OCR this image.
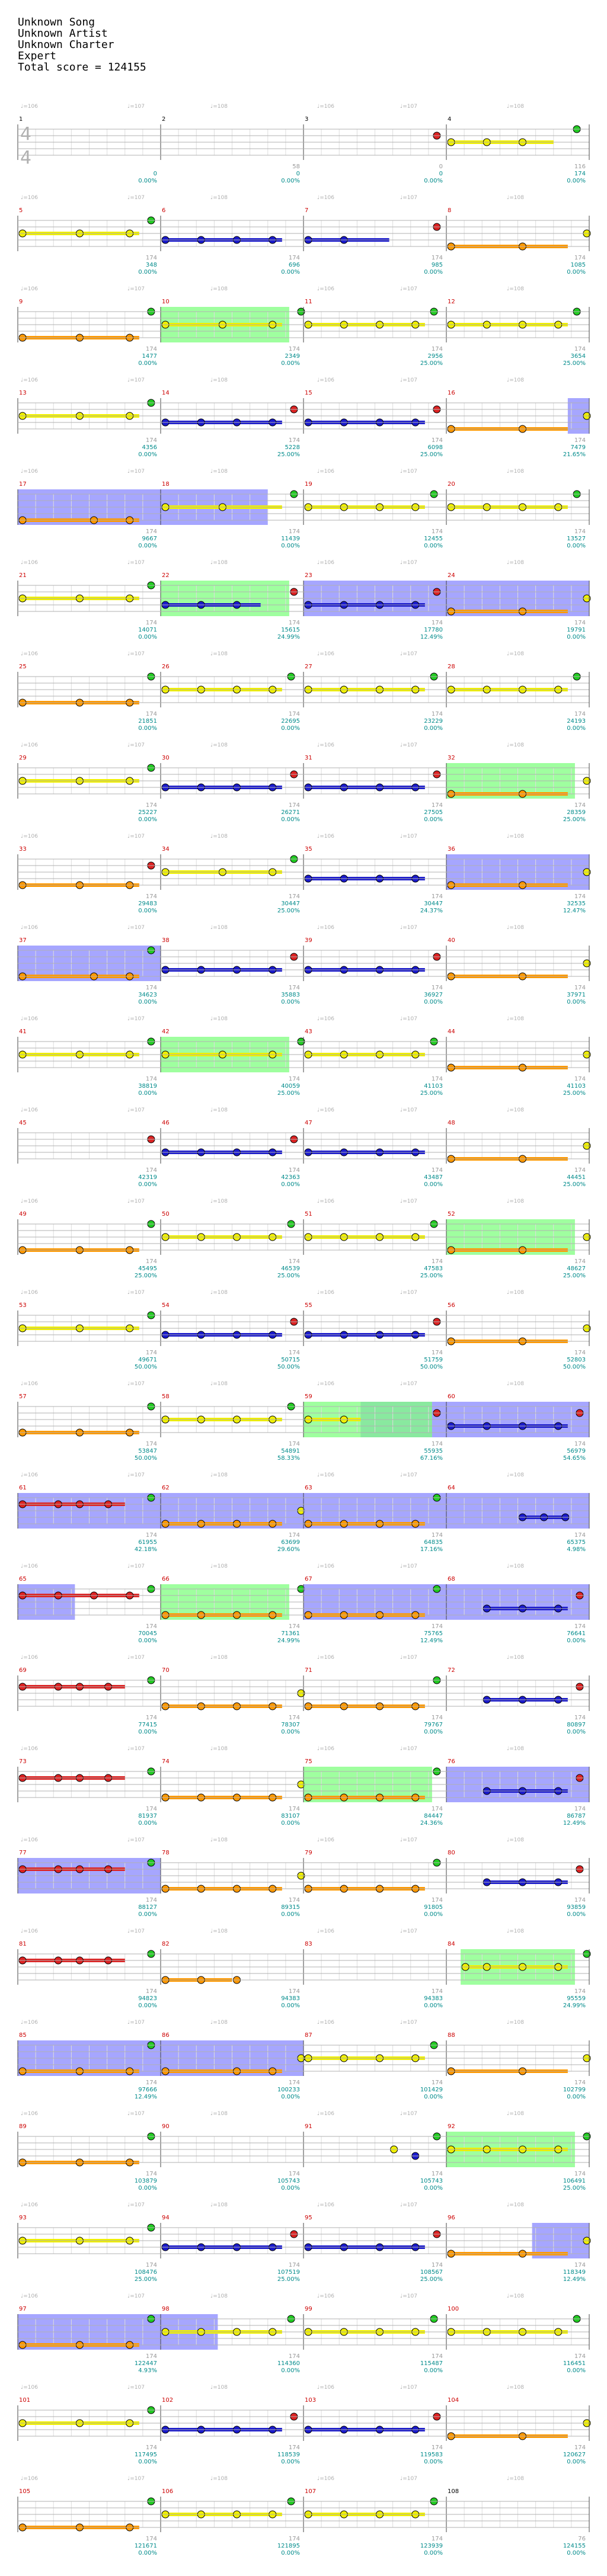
Unknown Song
Unknown Artist
Unknown Charter
Expert
Total score = 124155
♩=106	♩=107	♩=108	♩=106	♩=107	♩=108
1
0
0.00%
2
58
0
0.00%
3
0
0
0.00%
4
116
174
0.00%
4
4
♩=106	♩=107	♩=108	♩=106	♩=107	♩=108
5
174
348
0.00%
6
174
696
0.00%
7
174
985
0.00%
8
174
1085
0.00%
♩=106	♩=107	♩=108	♩=106	♩=107	♩=108
9
174
1477
0.00%
10
174
2349
0.00%
11
174
2956
25.00%
12
174
3654
25.00%
♩=106	♩=107	♩=108	♩=106	♩=107	♩=108
13
174
4356
0.00%
14
174
5228
25.00%
15
174
6098
25.00%
16
174
7479
21.65%
♩=106	♩=107	♩=108	♩=106	♩=107	♩=108
17
174
9667
0.00%
18
174
11439
0.00%
19
174
12455
0.00%
20
174
13527
0.00%
♩=106	♩=107	♩=108	♩=106	♩=107	♩=108
21
174
14071
0.00%
22
174
15615
24.99%
23
174
17780
12.49%
24
174
19791
0.00%
♩=106	♩=107	♩=108	♩=106	♩=107	♩=108
25
174
21851
0.00%
26
174
22695
0.00%
27
174
23229
0.00%
28
174
24193
0.00%
♩=106	♩=107	♩=108	♩=106	♩=107	♩=108
29
174
25227
0.00%
30
174
26271
0.00%
31
174
27505
0.00%
32
174
28359
25.00%
♩=106	♩=107	♩=108	♩=106	♩=107	♩=108
33
174
29483
0.00%
34
174
30447
25.00%
35
174
30447
24.37%
36
174
32535
12.47%
♩=106	♩=107	♩=108	♩=106	♩=107	♩=108
37
174
34623
0.00%
38
174
35883
0.00%
39
174
36927
0.00%
40
174
37971
0.00%
♩=106	♩=107	♩=108	♩=106	♩=107	♩=108
41
174
38819
0.00%
42
174
40059
25.00%
43
174
41103
25.00%
44
174
41103
25.00%
♩=106	♩=107	♩=108	♩=106	♩=107	♩=108
45
174
42319
0.00%
46
174
42363
0.00%
47
174
43487
0.00%
48
174
44451
25.00%
♩=106	♩=107	♩=108	♩=106	♩=107	♩=108
49
174
45495
25.00%
50
174
46539
25.00%
51
174
47583
25.00%
52
174
48627
25.00%
♩=106	♩=107	♩=108	♩=106	♩=107	♩=108
53
174
49671
50.00%
54
174
50715
50.00%
55
174
51759
50.00%
56
174
52803
50.00%
♩=106	♩=107	♩=108	♩=106	♩=107	♩=108
57
174
53847
50.00%
58
174
54891
58.33%
59
174
55935
67.16%
60
174
56979
54.65%
♩=106	♩=107	♩=108	♩=106	♩=107	♩=108
61
174
61955
42.18%
62
174
63699
29.60%
63
174
64835
17.16%
64
174
65375
4.98%
♩=106	♩=107	♩=108	♩=106	♩=107	♩=108
65
174
70045
0.00%
66
174
71361
24.99%
67
174
75765
12.49%
68
174
76641
0.00%
♩=106	♩=107	♩=108	♩=106	♩=107	♩=108
69
174
77415
0.00%
70
174
78307
0.00%
71
174
79767
0.00%
72
174
80897
0.00%
♩=106	♩=107	♩=108	♩=106	♩=107	♩=108
73
174
81937
0.00%
74
174
83107
0.00%
75
174
84447
24.36%
76
174
86787
12.49%
♩=106	♩=107	♩=108	♩=106	♩=107	♩=108
77
174
88127
0.00%
78
174
89315
0.00%
79
174
91805
0.00%
80
174
93859
0.00%
♩=106	♩=107	♩=108	♩=106	♩=107	♩=108
81
174
94823
0.00%
82
174
94383
0.00%
83
174
94383
0.00%
84
174
95559
24.99%
♩=106	♩=107	♩=108	♩=106	♩=107	♩=108
85
174
97666
12.49%
86
174
100233
0.00%
87
174
101429
0.00%
88
174
102799
0.00%
♩=106	♩=107	♩=108	♩=106	♩=107	♩=108
89
174
103879
0.00%
90
174
105743
0.00%
91
174
105743
0.00%
92
174
106491
25.00%
♩=106	♩=107	♩=108	♩=106	♩=107	♩=108
93
174
108476
25.00%
94
174
107519
25.00%
95
174
108567
25.00%
96
174
118349
12.49%
♩=106	♩=107	♩=108	♩=106	♩=107	♩=108
97
174
122447
4.93%
98
174
114360
0.00%
99
174
115487
0.00%
100
174
116451
0.00%
♩=106	♩=107	♩=108	♩=106	♩=107	♩=108
101
174
117495
0.00%
102
174
118539
0.00%
103
174
119583
0.00%
104
174
120627
0.00%
♩=106	♩=107	♩=108	♩=106	♩=107	♩=108
105
174
121671
0.00%
106
174
121895
0.00%
107
174
123939
0.00%
108
76
124155
0.00%
